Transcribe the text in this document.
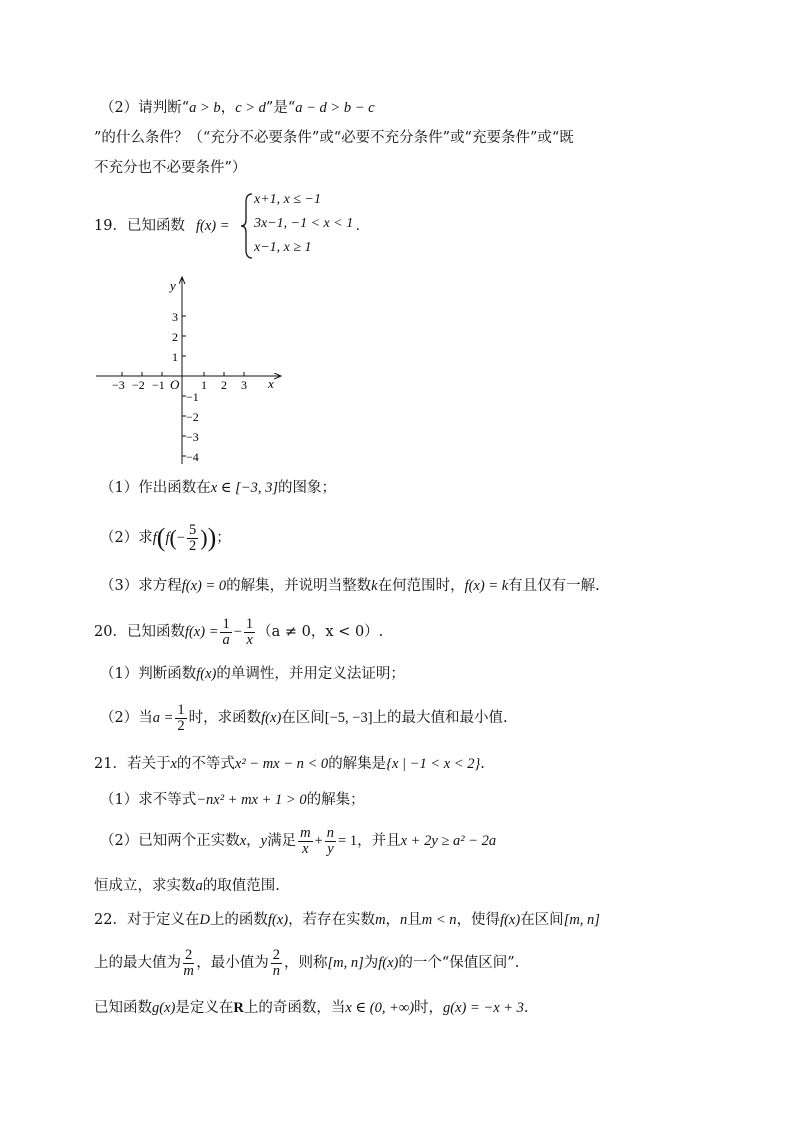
（2）请判断“a > b，c > d”是“a − d > b − c
”的什么条件？（“充分不必要条件”或“必要不充分条件”或“充要条件”或“既
不充分也不必要条件”）
19．已知函数 f(x) =
x+1, x ≤ −1
3x−1, −1 < x < 1 .
x−1, x ≥ 1
y
x
O
3
2
1
−1
−2
−3
−4
−3 −2 −1	1 2 3
（1）作出函数在x ∈ [−3, 3]的图象；
（2）求$f(f(- \frac{5}{2}$ ))；
（3）求方程f(x) = 0的解集，并说明当整数k在何范围时，f(x) = k有且仅有一解.
20．已知函数$f(x) = \frac{1}{a} - \frac{1}{x} (a \ne 0$，x < 0）.
（1）判断函数f(x)的单调性，并用定义法证明；
（2）当$a = \frac{1}{2}$ 时，求函数f(x)在区间[−5, −3]上的最大值和最小值.
21．若关于x的不等式x² − mx − n < 0的解集是{x | −1 < x < 2}.
（1）求不等式−nx² + mx + 1 > 0的解集；
（2）已知两个正实数x，y满足 $\frac{m}{x} + \frac{n}{y} = 1$，并且x + 2y ≥ a² − 2a
恒成立，求实数a的取值范围.
22．对于定义在D上的函数f(x)，若存在实数m，n且m < n，使得f(x)在区间[m, n]
上的最大值为 $\frac{2}{m}$ ，最小值为 $\frac{2}{n}$ ，则称[m, n]为f(x)的一个“保值区间”.
已知函数g(x)是定义在R上的奇函数，当x ∈ (0, +∞)时，g(x) = −x + 3.
